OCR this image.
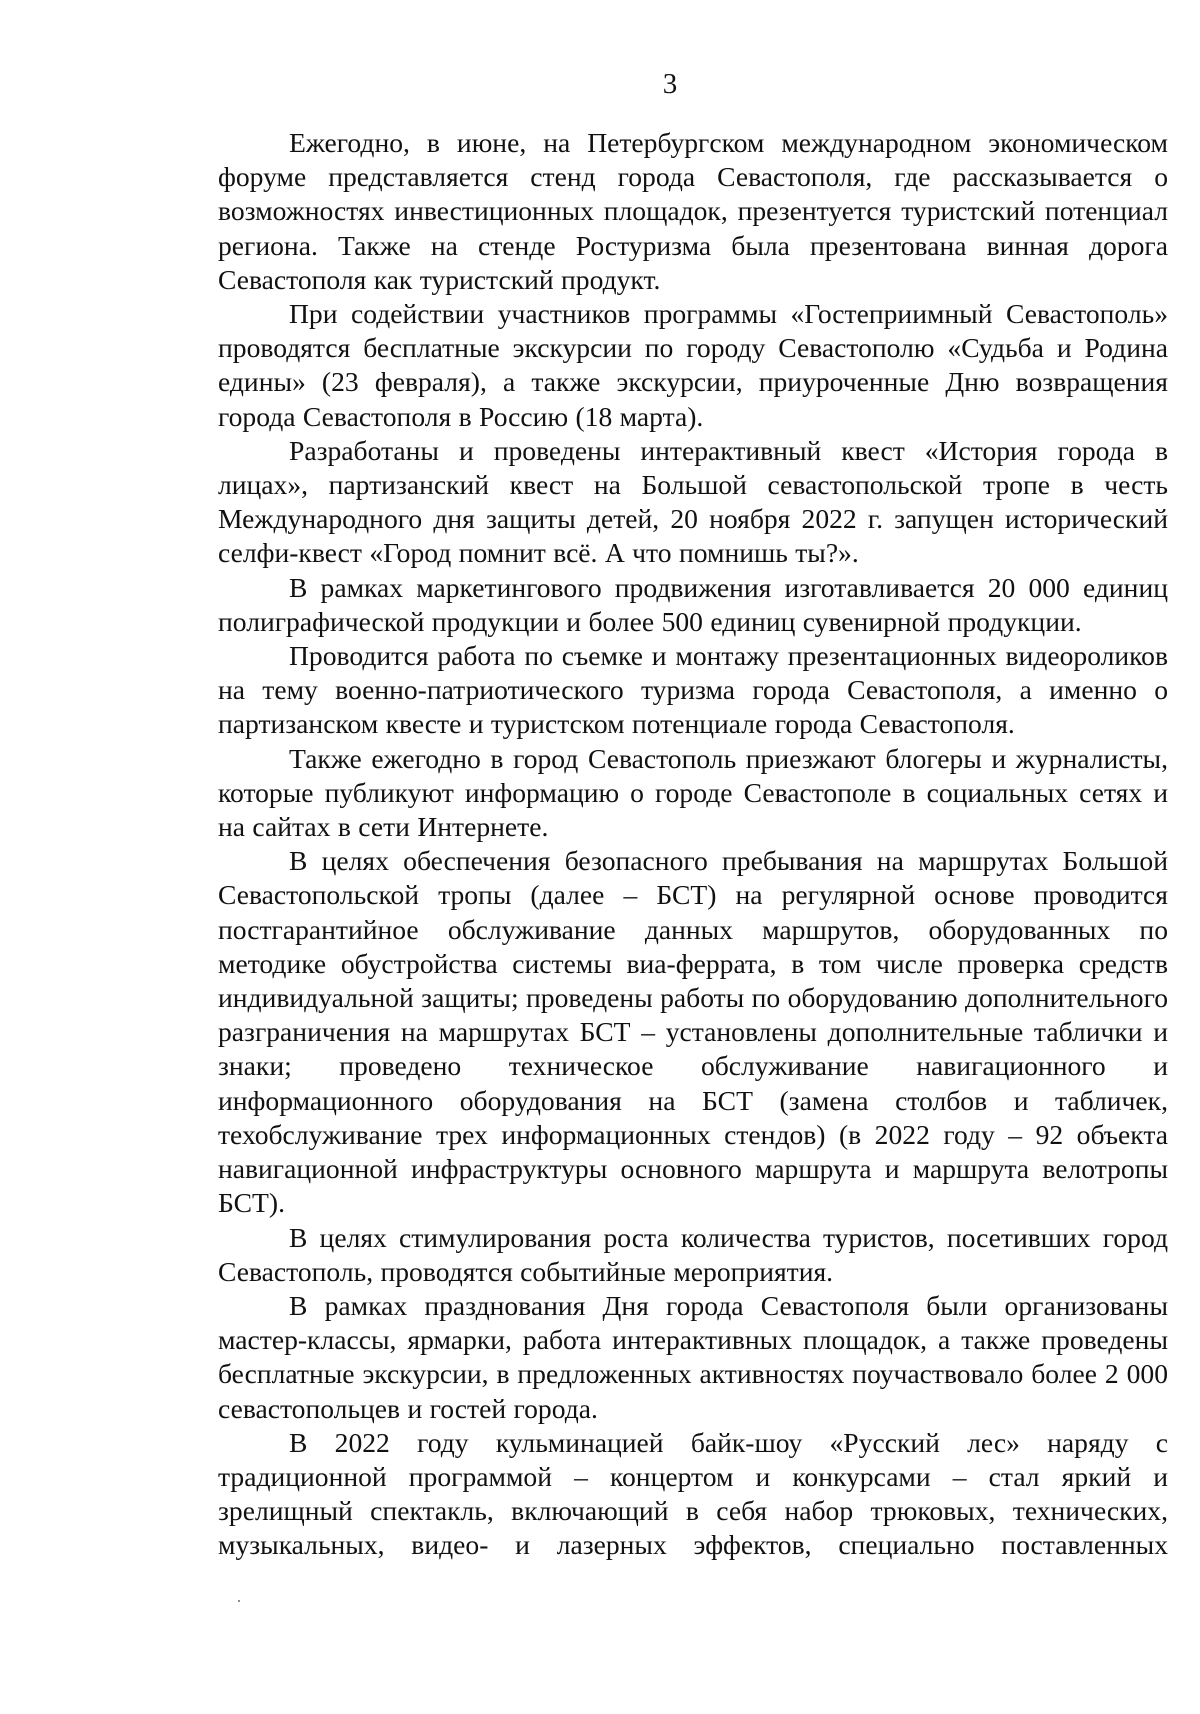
3

Ежегодно, в июне, на Петербургском международном экономическом форуме представляется стенд города Севастополя, где рассказывается о возможностях инвестиционных площадок, презентуется туристский потенциал региона. Также на стенде Ростуризма была презентована винная дорога Севастополя как туристский продукт.

При содействии участников программы «Гостеприимный Севастополь» проводятся бесплатные экскурсии по городу Севастополю «Судьба и Родина едины» (23 февраля), а также экскурсии, приуроченные Дню возвращения города Севастополя в Россию (18 марта).

Разработаны и проведены интерактивный квест «История города в лицах», партизанский квест на Большой севастопольской тропе в честь Международного дня защиты детей, 20 ноября 2022 г. запущен исторический селфи-квест «Город помнит всё. А что помнишь ты?».

В рамках маркетингового продвижения изготавливается 20 000 единиц полиграфической продукции и более 500 единиц сувенирной продукции.

Проводится работа по съемке и монтажу презентационных видеороликов на тему военно-патриотического туризма города Севастополя, а именно о партизанском квесте и туристском потенциале города Севастополя.

Также ежегодно в город Севастополь приезжают блогеры и журналисты, которые публикуют информацию о городе Севастополе в социальных сетях и на сайтах в сети Интернете.

В целях обеспечения безопасного пребывания на маршрутах Большой Севастопольской тропы (далее – БСТ) на регулярной основе проводится постгарантийное обслуживание данных маршрутов, оборудованных по методике обустройства системы виа-феррата, в том числе проверка средств индивидуальной защиты; проведены работы по оборудованию дополнительного разграничения на маршрутах БСТ – установлены дополнительные таблички и знаки; проведено техническое обслуживание навигационного и информационного оборудования на БСТ (замена столбов и табличек, техобслуживание трех информационных стендов) (в 2022 году – 92 объекта навигационной инфраструктуры основного маршрута и маршрута велотропы БСТ).

В целях стимулирования роста количества туристов, посетивших город Севастополь, проводятся событийные мероприятия.

В рамках празднования Дня города Севастополя были организованы мастер-классы, ярмарки, работа интерактивных площадок, а также проведены бесплатные экскурсии, в предложенных активностях поучаствовало более 2 000 севастопольцев и гостей города.

В 2022 году кульминацией байк-шоу «Русский лес» наряду с традиционной программой – концертом и конкурсами – стал яркий и зрелищный спектакль, включающий в себя набор трюковых, технических, музыкальных, видео- и лазерных эффектов, специально поставленных
